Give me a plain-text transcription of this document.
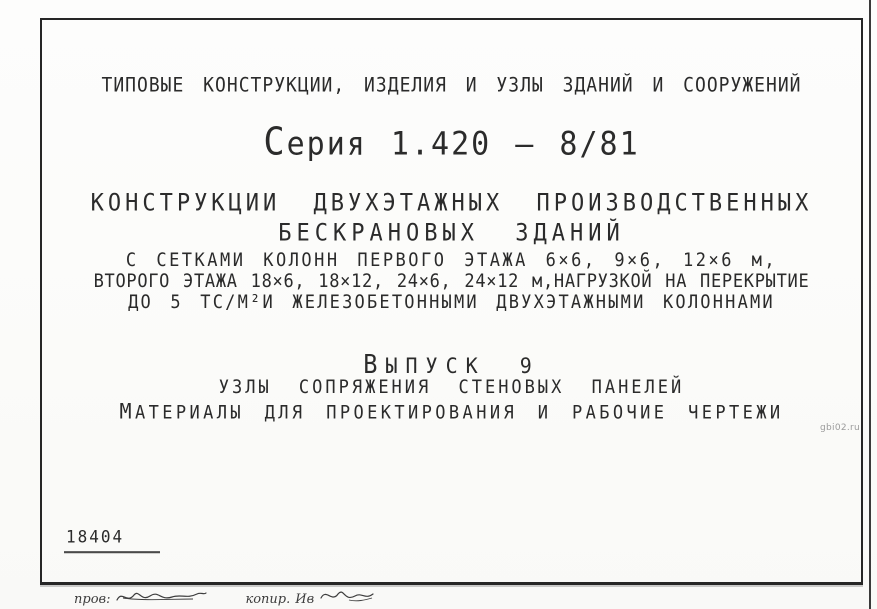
ТИПОВЫЕ КОНСТРУКЦИИ, ИЗДЕЛИЯ И УЗЛЫ ЗДАНИЙ И СООРУЖЕНИЙ
Серия 1.420 – 8/81
КОНСТРУКЦИИ ДВУХЭТАЖНЫХ ПРОИЗВОДСТВЕННЫХ
БЕСКРАНОВЫХ ЗДАНИЙ
С СЕТКАМИ КОЛОНН ПЕРВОГО ЭТАЖА 6×6, 9×6, 12×6 м,
ВТОРОГО ЭТАЖА 18×6, 18×12, 24×6, 24×12 м,НАГРУЗКОЙ НА ПЕРЕКРЫТИЕ
ДО 5 ТС/М²И ЖЕЛЕЗОБЕТОННЫМИ ДВУХЭТАЖНЫМИ КОЛОННАМИ
ВЫПУСК 9
УЗЛЫ СОПРЯЖЕНИЯ СТЕНОВЫХ ПАНЕЛЕЙ
МАТЕРИАЛЫ ДЛЯ ПРОЕКТИРОВАНИЯ И РАБОЧИЕ ЧЕРТЕЖИ
18404
пров:	копир. Ив
gbi02.ru
